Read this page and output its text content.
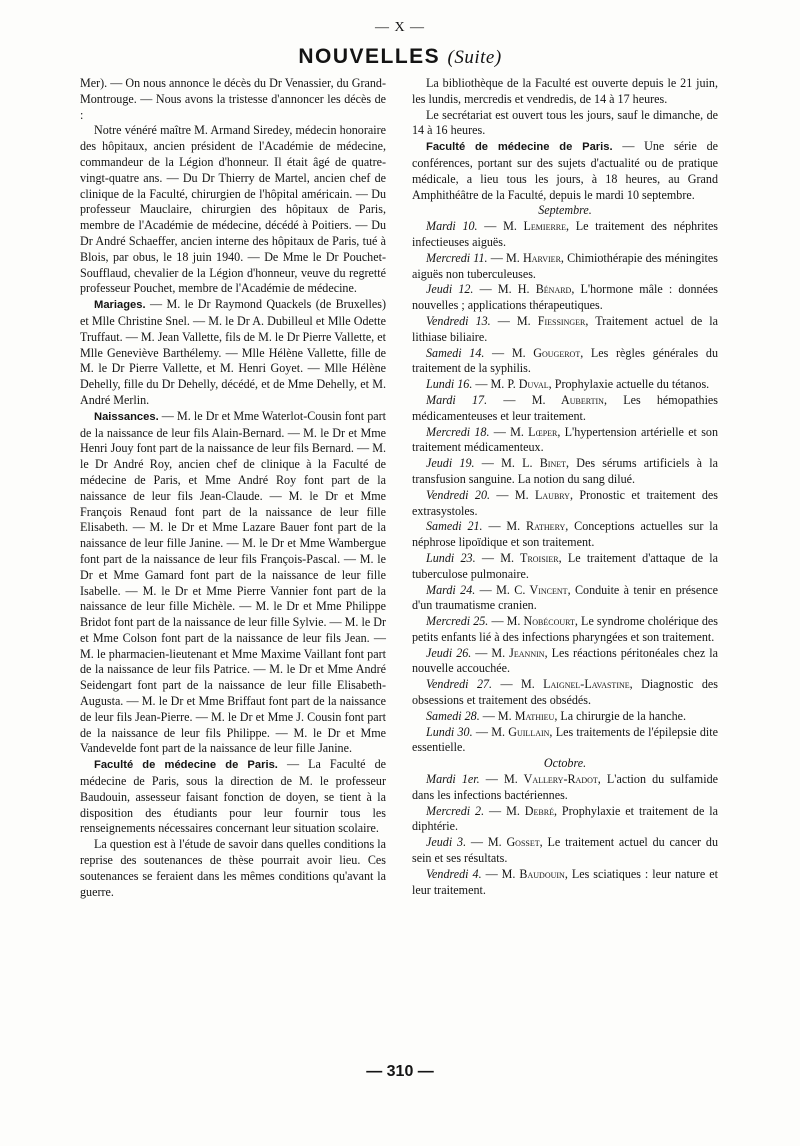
— X —
NOUVELLES (Suite)

Mer). — On nous annonce le décès du Dr Venassier, du Grand-Montrouge. — Nous avons la tristesse d'annoncer les décès de :

Notre vénéré maître M. Armand Siredey, médecin honoraire des hôpitaux, ancien président de l'Académie de médecine, commandeur de la Légion d'honneur. Il était âgé de quatre-vingt-quatre ans. — Du Dr Thierry de Martel, ancien chef de clinique de la Faculté, chirurgien de l'hôpital américain. — Du professeur Mauclaire, chirurgien des hôpitaux de Paris, membre de l'Académie de médecine, décédé à Poitiers. — Du Dr André Schaeffer, ancien interne des hôpitaux de Paris, tué à Blois, par obus, le 18 juin 1940. — De Mme le Dr Pouchet-Soufflaud, chevalier de la Légion d'honneur, veuve du regretté professeur Pouchet, membre de l'Académie de médecine.

Mariages. — M. le Dr Raymond Quackels (de Bruxelles) et Mlle Christine Snel. — M. le Dr A. Dubilleul et Mlle Odette Truffaut. — M. Jean Vallette, fils de M. le Dr Pierre Vallette, et Mlle Geneviève Barthélemy. — Mlle Hélène Vallette, fille de M. le Dr Pierre Vallette, et M. Henri Goyet. — Mlle Hélène Dehelly, fille du Dr Dehelly, décédé, et de Mme Dehelly, et M. André Merlin.

Naissances. — M. le Dr et Mme Waterlot-Cousin font part de la naissance de leur fils Alain-Bernard. — M. le Dr et Mme Henri Jouy font part de la naissance de leur fils Bernard. — M. le Dr André Roy, ancien chef de clinique à la Faculté de médecine de Paris, et Mme André Roy font part de la naissance de leur fils Jean-Claude. — M. le Dr et Mme François Renaud font part de la naissance de leur fille Elisabeth. — M. le Dr et Mme Lazare Bauer font part de la naissance de leur fille Janine. — M. le Dr et Mme Wambergue font part de la naissance de leur fils François-Pascal. — M. le Dr et Mme Gamard font part de la naissance de leur fille Isabelle. — M. le Dr et Mme Pierre Vannier font part de la naissance de leur fille Michèle. — M. le Dr et Mme Philippe Bridot font part de la naissance de leur fille Sylvie. — M. le Dr et Mme Colson font part de la naissance de leur fils Jean. — M. le pharmacien-lieutenant et Mme Maxime Vaillant font part de la naissance de leur fils Patrice. — M. le Dr et Mme André Seidengart font part de la naissance de leur fille Elisabeth-Augusta. — M. le Dr et Mme Briffaut font part de la naissance de leur fils Jean-Pierre. — M. le Dr et Mme J. Cousin font part de la naissance de leur fils Philippe. — M. le Dr et Mme Vandevelde font part de la naissance de leur fille Janine.

Faculté de médecine de Paris. — La Faculté de médecine de Paris, sous la direction de M. le professeur Baudouin, assesseur faisant fonction de doyen, se tient à la disposition des étudiants pour leur fournir tous les renseignements nécessaires concernant leur situation scolaire.

La question est à l'étude de savoir dans quelles conditions la reprise des soutenances de thèse pourrait avoir lieu. Ces soutenances se feraient dans les mêmes conditions qu'avant la guerre.

La bibliothèque de la Faculté est ouverte depuis le 21 juin, les lundis, mercredis et vendredis, de 14 à 17 heures.

Le secrétariat est ouvert tous les jours, sauf le dimanche, de 14 à 16 heures.

Faculté de médecine de Paris. — Une série de conférences, portant sur des sujets d'actualité ou de pratique médicale, a lieu tous les jours, à 18 heures, au Grand Amphithéâtre de la Faculté, depuis le mardi 10 septembre.

Septembre.

Mardi 10. — M. Lemierre, Le traitement des néphrites infectieuses aiguës.

Mercredi 11. — M. Harvier, Chimiothérapie des méningites aiguës non tuberculeuses.

Jeudi 12. — M. H. Bénard, L'hormone mâle : données nouvelles ; applications thérapeutiques.

Vendredi 13. — M. Fiessinger, Traitement actuel de la lithiase biliaire.

Samedi 14. — M. Gougerot, Les règles générales du traitement de la syphilis.

Lundi 16. — M. P. Duval, Prophylaxie actuelle du tétanos.

Mardi 17. — M. Aubertin, Les hémopathies médicamenteuses et leur traitement.

Mercredi 18. — M. Lœper, L'hypertension artérielle et son traitement médicamenteux.

Jeudi 19. — M. L. Binet, Des sérums artificiels à la transfusion sanguine. La notion du sang dilué.

Vendredi 20. — M. Laubry, Pronostic et traitement des extrasystoles.

Samedi 21. — M. Rathery, Conceptions actuelles sur la néphrose lipoïdique et son traitement.

Lundi 23. — M. Troisier, Le traitement d'attaque de la tuberculose pulmonaire.

Mardi 24. — M. C. Vincent, Conduite à tenir en présence d'un traumatisme cranien.

Mercredi 25. — M. Nobécourt, Le syndrome cholérique des petits enfants lié à des infections pharyngées et son traitement.

Jeudi 26. — M. Jeannin, Les réactions péritonéales chez la nouvelle accouchée.

Vendredi 27. — M. Laignel-Lavastine, Diagnostic des obsessions et traitement des obsédés.

Samedi 28. — M. Mathieu, La chirurgie de la hanche.

Lundi 30. — M. Guillain, Les traitements de l'épilepsie dite essentielle.

Octobre.

Mardi 1er. — M. Vallery-Radot, L'action du sulfamide dans les infections bactériennes.

Mercredi 2. — M. Debré, Prophylaxie et traitement de la diphtérie.

Jeudi 3. — M. Gosset, Le traitement actuel du cancer du sein et ses résultats.

Vendredi 4. — M. Baudouin, Les sciatiques : leur nature et leur traitement.

— 310 —
